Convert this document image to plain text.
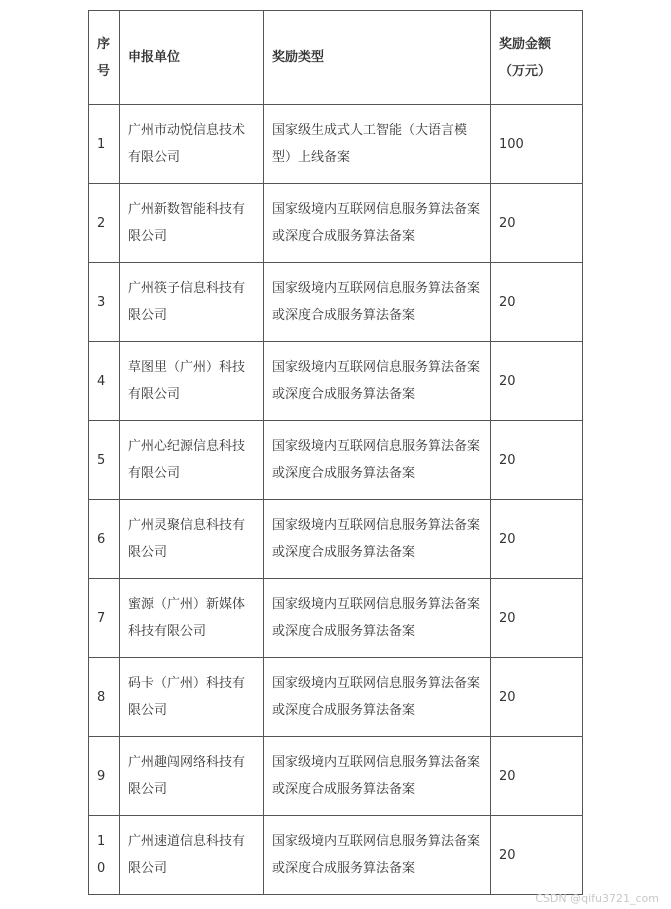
序号	申报单位	奖励类型	奖励金额
（万元）
1	广州市动悦信息技术有限公司	国家级生成式人工智能（大语言模型）上线备案	100
2	广州新数智能科技有限公司	国家级境内互联网信息服务算法备案或深度合成服务算法备案	20
3	广州筷子信息科技有限公司	国家级境内互联网信息服务算法备案或深度合成服务算法备案	20
4	草图里（广州）科技有限公司	国家级境内互联网信息服务算法备案或深度合成服务算法备案	20
5	广州心纪源信息科技有限公司	国家级境内互联网信息服务算法备案或深度合成服务算法备案	20
6	广州灵聚信息科技有限公司	国家级境内互联网信息服务算法备案或深度合成服务算法备案	20
7	蜜源（广州）新媒体科技有限公司	国家级境内互联网信息服务算法备案或深度合成服务算法备案	20
8	码卡（广州）科技有限公司	国家级境内互联网信息服务算法备案或深度合成服务算法备案	20
9	广州趣闯网络科技有限公司	国家级境内互联网信息服务算法备案或深度合成服务算法备案	20
10	广州速道信息科技有限公司	国家级境内互联网信息服务算法备案或深度合成服务算法备案	20
CSDN @qifu3721_com
